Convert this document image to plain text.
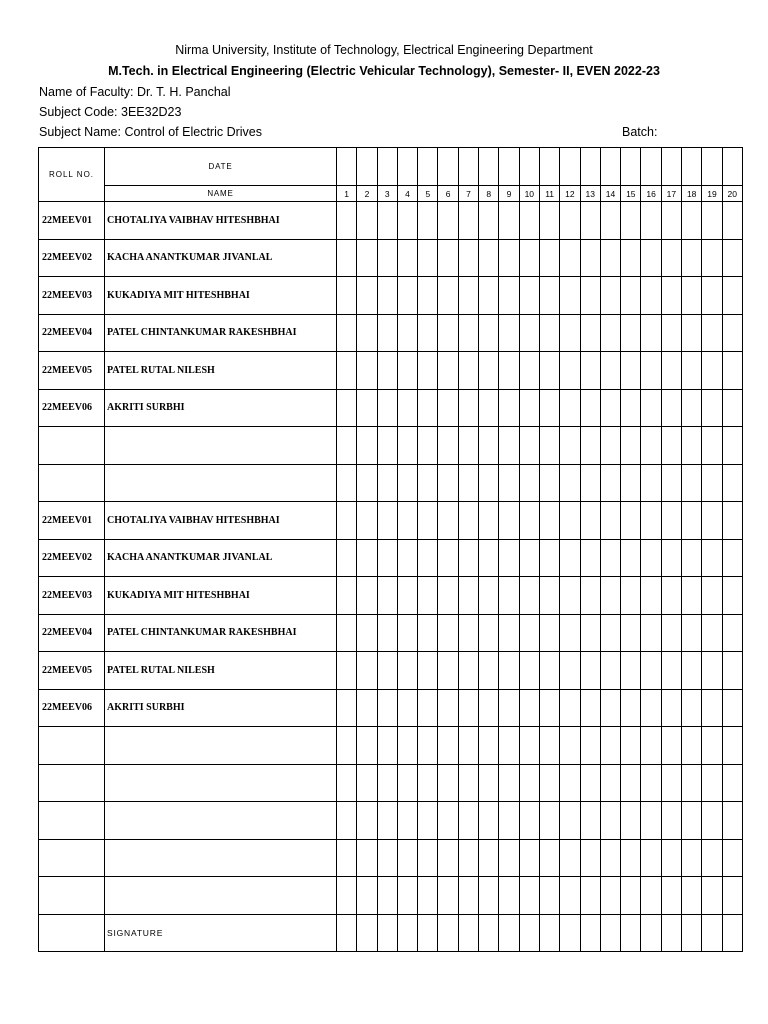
Nirma University, Institute of Technology, Electrical Engineering Department
M.Tech. in Electrical Engineering (Electric Vehicular Technology), Semester- II, EVEN 2022-23
Name of Faculty: Dr. T. H. Panchal
Subject Code: 3EE32D23
Subject Name: Control of Electric Drives	Batch:
ROLL NO.	DATE																				
	NAME	1	2	3	4	5	6	7	8	9	10	11	12	13	14	15	16	17	18	19	20
22MEEV01	CHOTALIYA VAIBHAV HITESHBHAI																				
22MEEV02	KACHA ANANTKUMAR JIVANLAL																				
22MEEV03	KUKADIYA MIT HITESHBHAI																				
22MEEV04	PATEL CHINTANKUMAR RAKESHBHAI																				
22MEEV05	PATEL RUTAL NILESH																				
22MEEV06	AKRITI SURBHI																				

22MEEV01	CHOTALIYA VAIBHAV HITESHBHAI																				
22MEEV02	KACHA ANANTKUMAR JIVANLAL																				
22MEEV03	KUKADIYA MIT HITESHBHAI																				
22MEEV04	PATEL CHINTANKUMAR RAKESHBHAI																				
22MEEV05	PATEL RUTAL NILESH																				
22MEEV06	AKRITI SURBHI																				

	SIGNATURE																				
